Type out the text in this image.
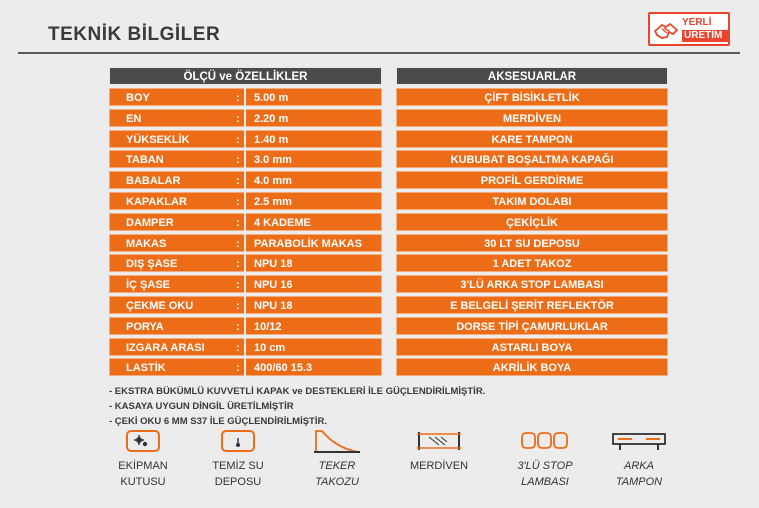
TEKNİK BİLGİLER
YERLİ
ÜRETİM
ÖLÇÜ ve ÖZELLİKLER
BOY :	5.00 m
EN :	2.20 m
YÜKSEKLİK :	1.40 m
TABAN :	3.0 mm
BABALAR :	4.0 mm
KAPAKLAR :	2.5 mm
DAMPER :	4 KADEME
MAKAS :	PARABOLİK MAKAS
DIŞ ŞASE :	NPU 18
İÇ ŞASE :	NPU 16
ÇEKME OKU :	NPU 18
PORYA :	10/12
IZGARA ARASI :	10 cm
LASTİK :	400/60 15.3
AKSESUARLAR
ÇİFT BİSİKLETLİK
MERDİVEN
KARE TAMPON
KUBUBAT BOŞALTMA KAPAĞI
PROFİL GERDİRME
TAKIM DOLABI
ÇEKİÇLİK
30 LT SU DEPOSU
1 ADET TAKOZ
3'LÜ ARKA STOP LAMBASI
E BELGELİ ŞERİT REFLEKTÖR
DORSE TİPİ ÇAMURLUKLAR
ASTARLI BOYA
AKRİLİK BOYA
- EKSTRA BÜKÜMLÜ KUVVETLİ KAPAK ve DESTEKLERİ İLE GÜÇLENDİRİLMİŞTİR.
- KASAYA UYGUN DİNGİL ÜRETİLMİŞTİR
- ÇEKİ OKU 6 MM S37 İLE GÜÇLENDİRİLMİŞTİR.
EKİPMAN
KUTUSU
TEMİZ SU
DEPOSU
TEKER
TAKOZU
MERDİVEN	3'LÜ STOP
LAMBASI
ARKA
TAMPON
